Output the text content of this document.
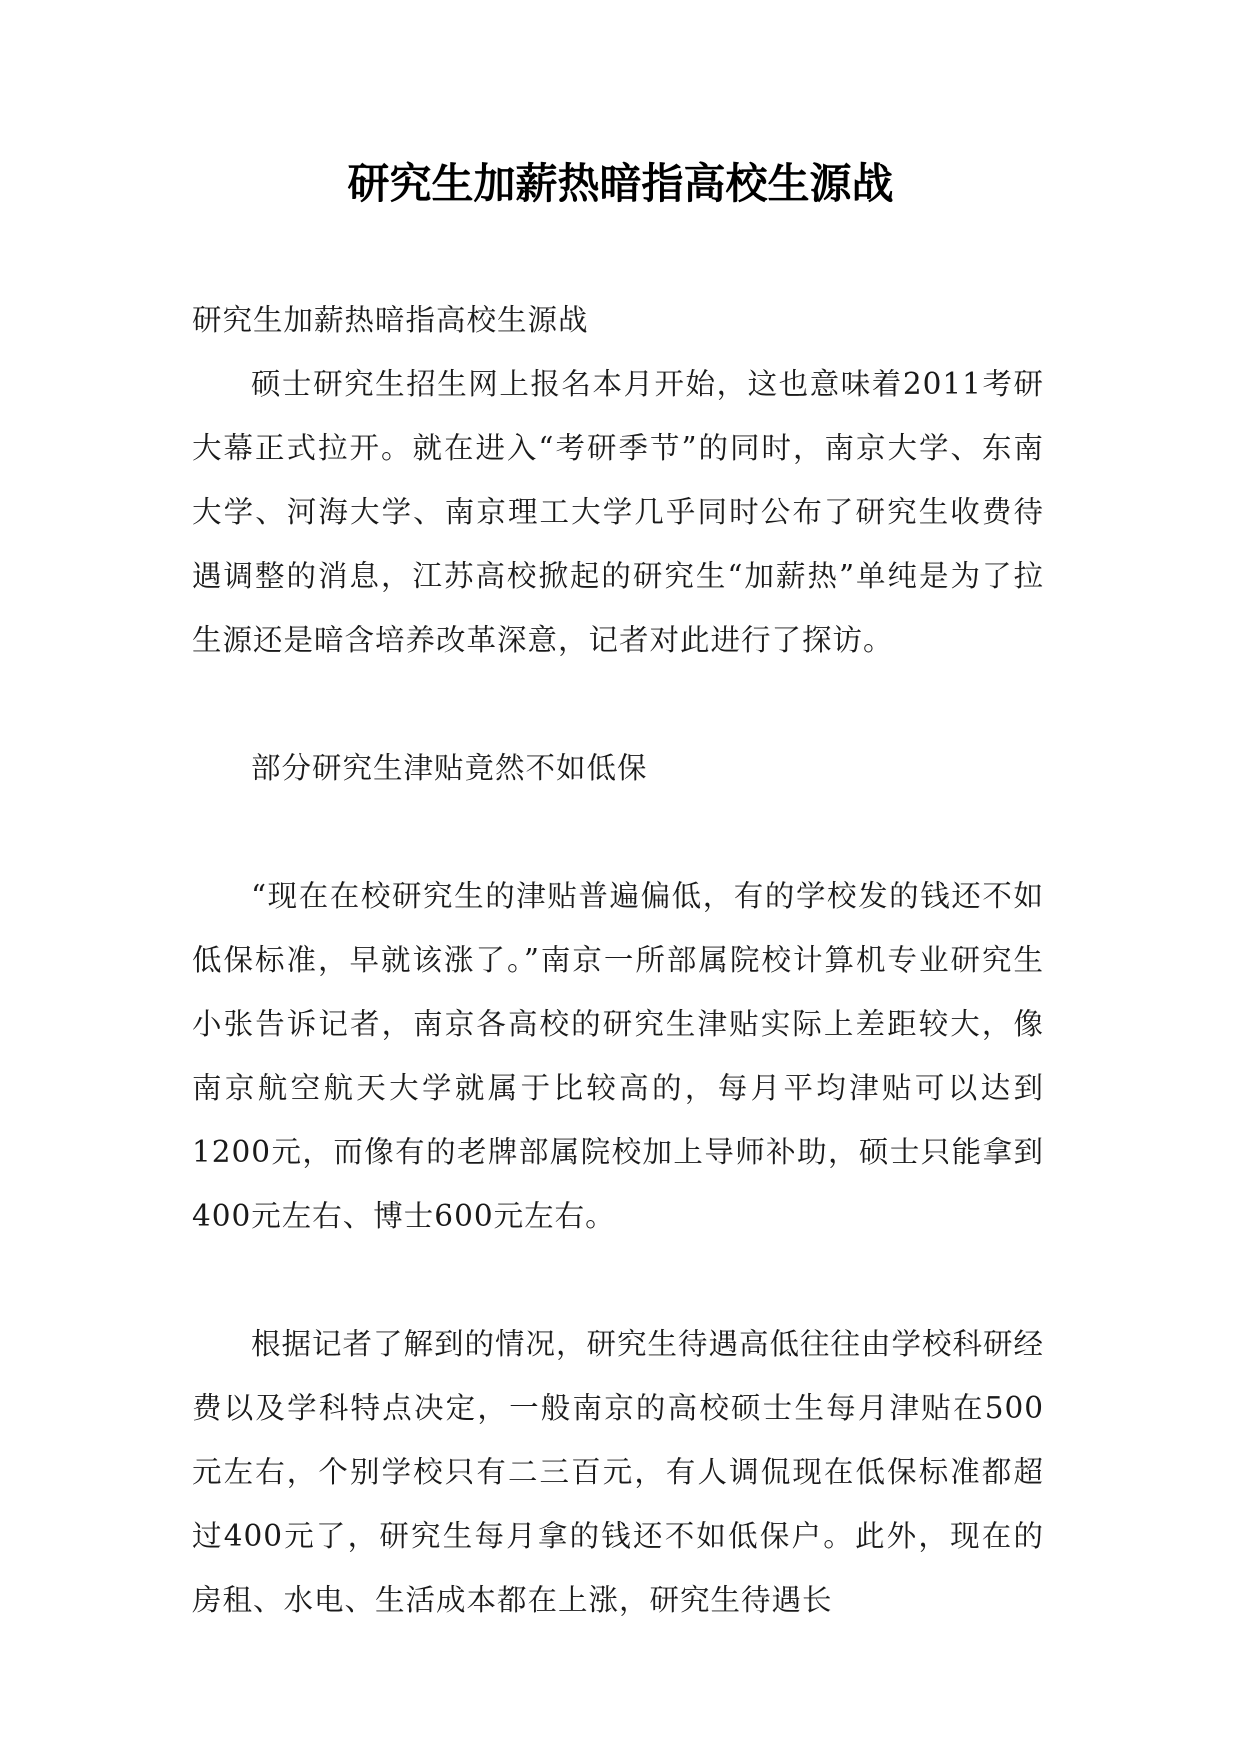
研究生加薪热暗指高校生源战

研究生加薪热暗指高校生源战

硕士研究生招生网上报名本月开始，这也意味着2011考研大幕正式拉开。就在进入“考研季节”的同时，南京大学、东南大学、河海大学、南京理工大学几乎同时公布了研究生收费待遇调整的消息，江苏高校掀起的研究生“加薪热”单纯是为了拉生源还是暗含培养改革深意，记者对此进行了探访。

部分研究生津贴竟然不如低保

“现在在校研究生的津贴普遍偏低，有的学校发的钱还不如低保标准，早就该涨了。”南京一所部属院校计算机专业研究生小张告诉记者，南京各高校的研究生津贴实际上差距较大，像南京航空航天大学就属于比较高的，每月平均津贴可以达到1200元，而像有的老牌部属院校加上导师补助，硕士只能拿到400元左右、博士600元左右。

根据记者了解到的情况，研究生待遇高低往往由学校科研经费以及学科特点决定，一般南京的高校硕士生每月津贴在500元左右，个别学校只有二三百元，有人调侃现在低保标准都超过400元了，研究生每月拿的钱还不如低保户。此外，现在的房租、水电、生活成本都在上涨，研究生待遇长
